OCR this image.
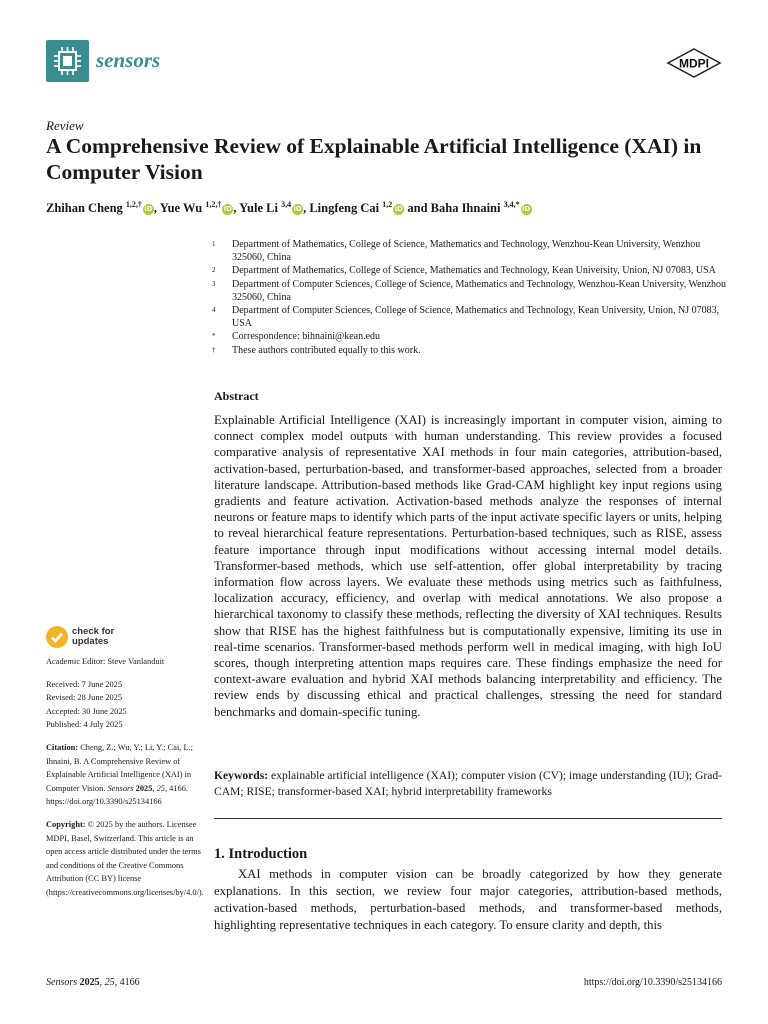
sensors	MDPI
Review
A Comprehensive Review of Explainable Artificial Intelligence (XAI) in Computer Vision
Zhihan Cheng $^{1,2,\dagger}$ iD, Yue Wu $^{1,2,\dagger}$ iD, Yule Li $^{3,4}$ iD, Lingfeng Cai $^{1,2}$ iD and Baha Ihnaini $^{3,4,*}$ iD
1	Department of Mathematics, College of Science, Mathematics and Technology, Wenzhou-Kean University, Wenzhou 325060, China
2	Department of Mathematics, College of Science, Mathematics and Technology, Kean University, Union, NJ 07083, USA
3	Department of Computer Sciences, College of Science, Mathematics and Technology, Wenzhou-Kean University, Wenzhou 325060, China
4	Department of Computer Sciences, College of Science, Mathematics and Technology, Kean University, Union, NJ 07083, USA
*	Correspondence: bihnaini@kean.edu
†	These authors contributed equally to this work.
Abstract
Explainable Artificial Intelligence (XAI) is increasingly important in computer vision, aiming to connect complex model outputs with human understanding. This review provides a focused comparative analysis of representative XAI methods in four main categories, attribution-based, activation-based, perturbation-based, and transformer-based approaches, selected from a broader literature landscape. Attribution-based methods like Grad-CAM highlight key input regions using gradients and feature activation. Activation-based methods analyze the responses of internal neurons or feature maps to identify which parts of the input activate specific layers or units, helping to reveal hierarchical feature representations. Perturbation-based techniques, such as RISE, assess feature importance through input modifications without accessing internal model details. Transformer-based methods, which use self-attention, offer global interpretability by tracing information flow across layers. We evaluate these methods using metrics such as faithfulness, localization accuracy, efficiency, and overlap with medical annotations. We also propose a hierarchical taxonomy to classify these methods, reflecting the diversity of XAI techniques. Results show that RISE has the highest faithfulness but is computationally expensive, limiting its use in real-time scenarios. Transformer-based methods perform well in medical imaging, with high IoU scores, though interpreting attention maps requires care. These findings emphasize the need for context-aware evaluation and hybrid XAI methods balancing interpretability and efficiency. The review ends by discussing ethical and practical challenges, stressing the need for standard benchmarks and domain-specific tuning.
Keywords: explainable artificial intelligence (XAI); computer vision (CV); image understanding (IU); Grad-CAM; RISE; transformer-based XAI; hybrid interpretability frameworks
1. Introduction
XAI methods in computer vision can be broadly categorized by how they generate explanations. In this section, we review four major categories, attribution-based methods, activation-based methods, perturbation-based methods, and transformer-based methods, highlighting representative techniques in each category. To ensure clarity and depth, this
check for
updates
Academic Editor: Steve Vanlanduit
Received: 7 June 2025
Revised: 28 June 2025
Accepted: 30 June 2025
Published: 4 July 2025
Citation: Cheng, Z.; Wu, Y.; Li, Y.; Cai, L.; Ihnaini, B. A Comprehensive Review of Explainable Artificial Intelligence (XAI) in Computer Vision. Sensors 2025, 25, 4166. https://doi.org/10.3390/s25134166
Copyright: © 2025 by the authors. Licensee MDPI, Basel, Switzerland. This article is an open access article distributed under the terms and conditions of the Creative Commons Attribution (CC BY) license (https://creativecommons.org/licenses/by/4.0/).
Sensors 2025, 25, 4166	https://doi.org/10.3390/s25134166
